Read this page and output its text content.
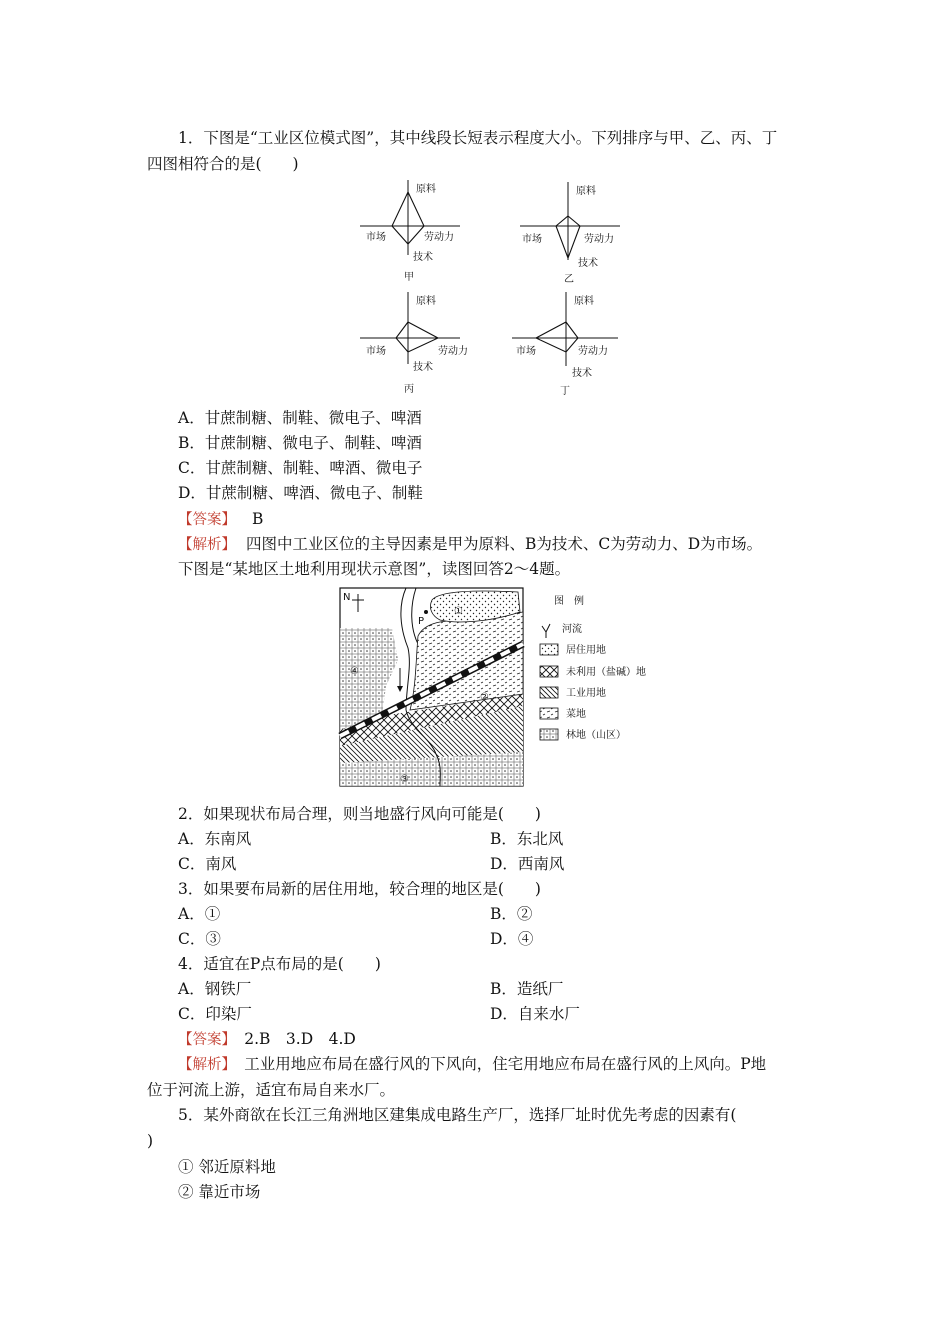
1．下图是“工业区位模式图”，其中线段长短表示程度大小。下列排序与甲、乙、丙、丁
四图相符合的是(　　)
原料
市场	劳动力
技术
甲
原料
市场	劳动力
技术
乙
原料
市场	劳动力
技术
丙
原料
市场	劳动力
技术
丁
A．甘蔗制糖、制鞋、微电子、啤酒
B．甘蔗制糖、微电子、制鞋、啤酒
C．甘蔗制糖、制鞋、啤酒、微电子
D．甘蔗制糖、啤酒、微电子、制鞋
【答案】 B
【解析】 四图中工业区位的主导因素是甲为原料、B为技术、C为劳动力、D为市场。
下图是“某地区土地利用现状示意图”，读图回答2～4题。
N
P
①
②
③
④
图　例
河流
居住用地
未利用（盐碱）地
工业用地
菜地
林地（山区）
2．如果现状布局合理，则当地盛行风向可能是(　　)
A．东南风	B．东北风
C．南风	D．西南风
3．如果要布局新的居住用地，较合理的地区是(　　)
A．①	B．②
C．③	D．④
4．适宜在P点布局的是(　　)
A．钢铁厂	B．造纸厂
C．印染厂	D．自来水厂
【答案】　2.B　3.D　4.D
【解析】　工业用地应布局在盛行风的下风向，住宅用地应布局在盛行风的上风向。P地
位于河流上游，适宜布局自来水厂。
5．某外商欲在长江三角洲地区建集成电路生产厂，选择厂址时优先考虑的因素有(
)
① 邻近原料地
② 靠近市场
